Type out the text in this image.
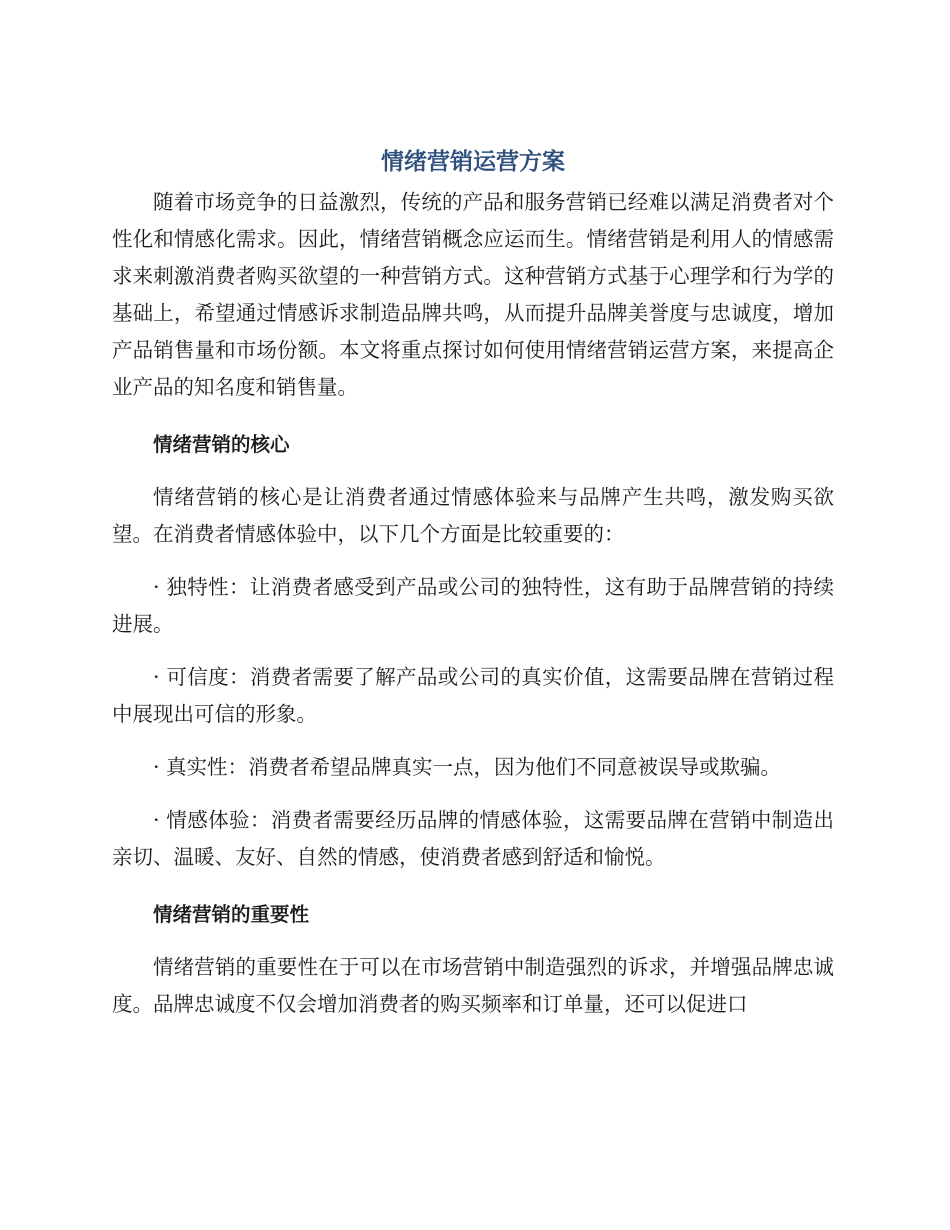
情绪营销运营方案

随着市场竞争的日益激烈，传统的产品和服务营销已经难以满足消费者对个性化和情感化需求。因此，情绪营销概念应运而生。情绪营销是利用人的情感需求来刺激消费者购买欲望的一种营销方式。这种营销方式基于心理学和行为学的基础上，希望通过情感诉求制造品牌共鸣，从而提升品牌美誉度与忠诚度，增加产品销售量和市场份额。本文将重点探讨如何使用情绪营销运营方案，来提高企业产品的知名度和销售量。

情绪营销的核心

情绪营销的核心是让消费者通过情感体验来与品牌产生共鸣，激发购买欲望。在消费者情感体验中，以下几个方面是比较重要的：

· 独特性：让消费者感受到产品或公司的独特性，这有助于品牌营销的持续进展。

· 可信度：消费者需要了解产品或公司的真实价值，这需要品牌在营销过程中展现出可信的形象。

· 真实性：消费者希望品牌真实一点，因为他们不同意被误导或欺骗。

· 情感体验：消费者需要经历品牌的情感体验，这需要品牌在营销中制造出亲切、温暖、友好、自然的情感，使消费者感到舒适和愉悦。

情绪营销的重要性

情绪营销的重要性在于可以在市场营销中制造强烈的诉求，并增强品牌忠诚度。品牌忠诚度不仅会增加消费者的购买频率和订单量，还可以促进口
